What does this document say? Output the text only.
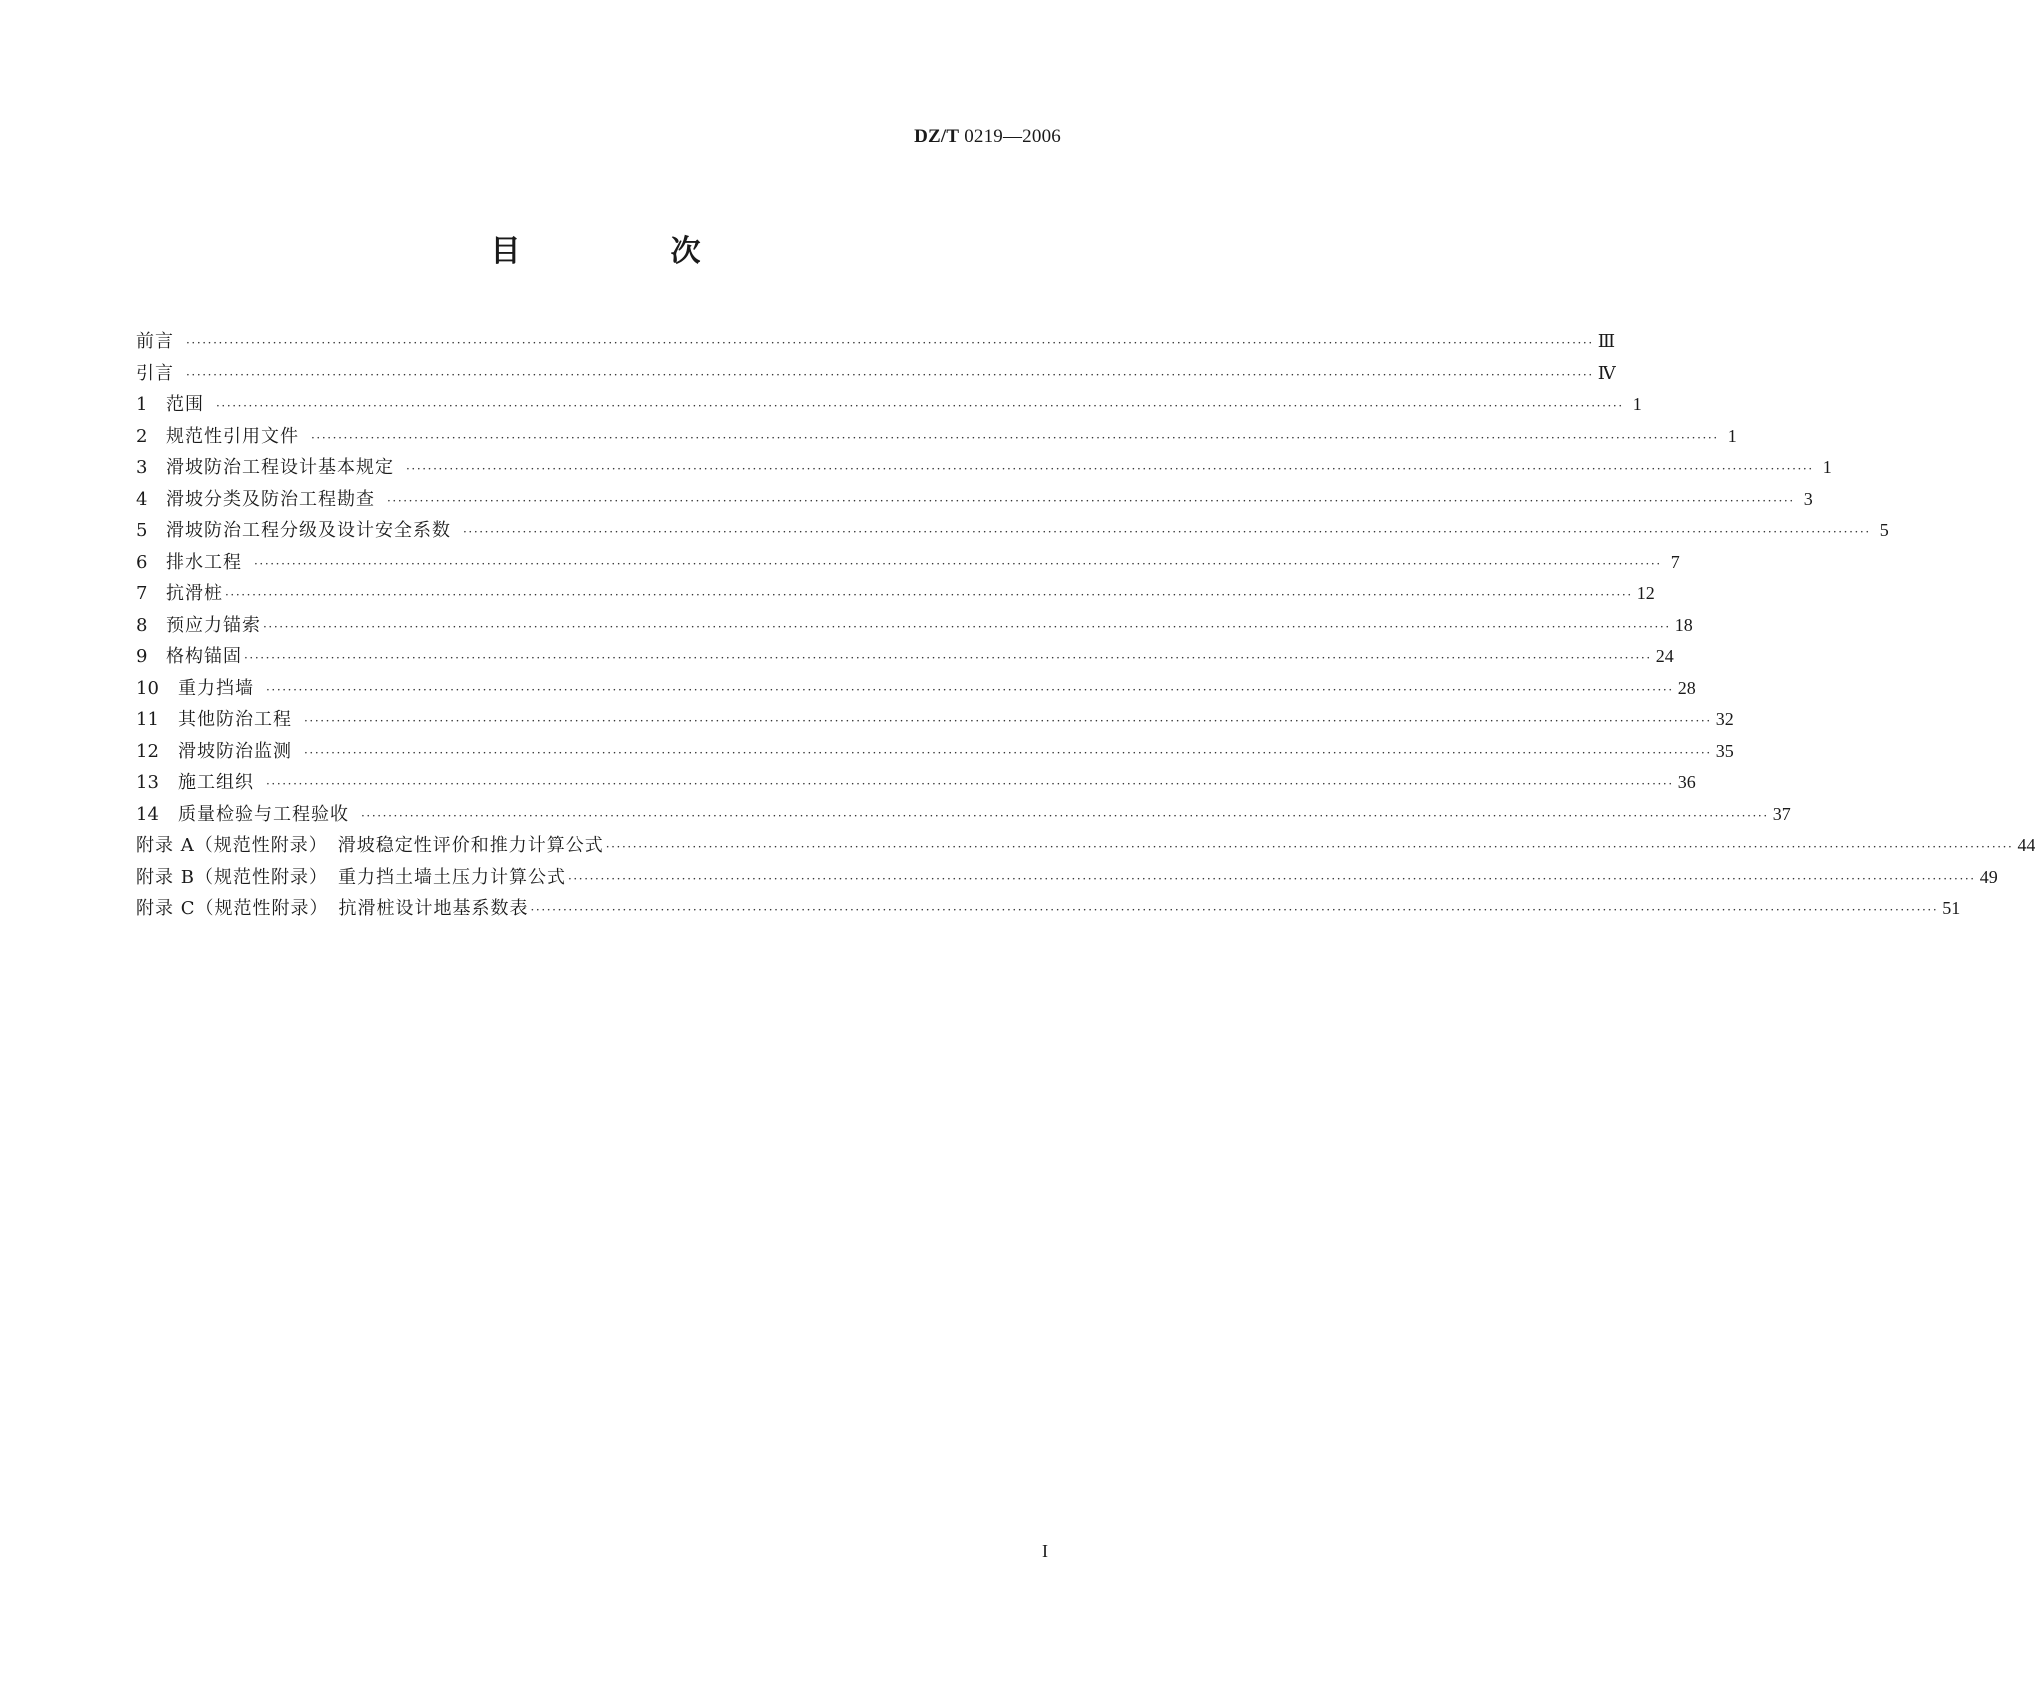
DZ/T 0219—2006
目　次
前言 ···································································································································································································································································· Ⅲ
引言 ···································································································································································································································································· Ⅳ
1	范围 ···································································································································································································································································· 1
2	规范性引用文件 ···································································································································································································································································· 1
3	滑坡防治工程设计基本规定 ···································································································································································································································································· 1
4	滑坡分类及防治工程勘查 ···································································································································································································································································· 3
5	滑坡防治工程分级及设计安全系数 ···································································································································································································································································· 5
6	排水工程 ···································································································································································································································································· 7
7	抗滑桩 ···································································································································································································································································· 12
8	预应力锚索 ···································································································································································································································································· 18
9	格构锚固 ···································································································································································································································································· 24
10	重力挡墙 ···································································································································································································································································· 28
11	其他防治工程 ···································································································································································································································································· 32
12	滑坡防治监测 ···································································································································································································································································· 35
13	施工组织 ···································································································································································································································································· 36
14	质量检验与工程验收 ···································································································································································································································································· 37
附录 A（规范性附录）　滑坡稳定性评价和推力计算公式 ···································································································································································································································································· 44
附录 B（规范性附录）　重力挡土墙土压力计算公式 ···································································································································································································································································· 49
附录 C（规范性附录）　抗滑桩设计地基系数表 ···································································································································································································································································· 51
I
